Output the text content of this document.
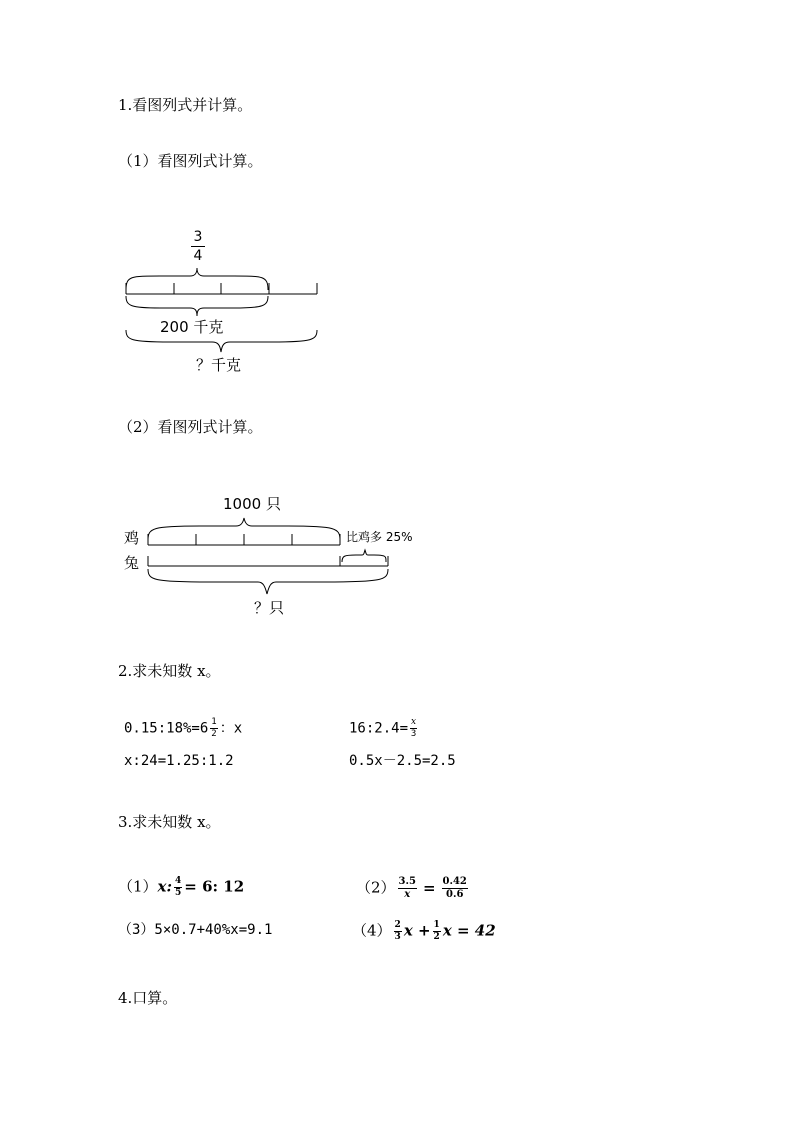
1.看图列式并计算。
（1）看图列式计算。
3
4
200 千克
？千克
（2）看图列式计算。
1000 只
鸡
兔
比鸡多 25%
？只
2.求未知数 x。
0.15:18%=6 $\frac{1}{2}$ ：x	16:2.4= $\frac{x}{3}$
x:24=1.25:1.2	0.5x－2.5=2.5
3.求未知数 x。
（1）x: $\frac{4}{5} = 6$: 12	$(2) \frac{3.5}{x} = \frac{0.42}{0.6}$
（3）5×0.7+40%x=9.1	$(4) \frac{2}{3}$ $x + \frac{1}{2}$ x = 42
4.口算。
